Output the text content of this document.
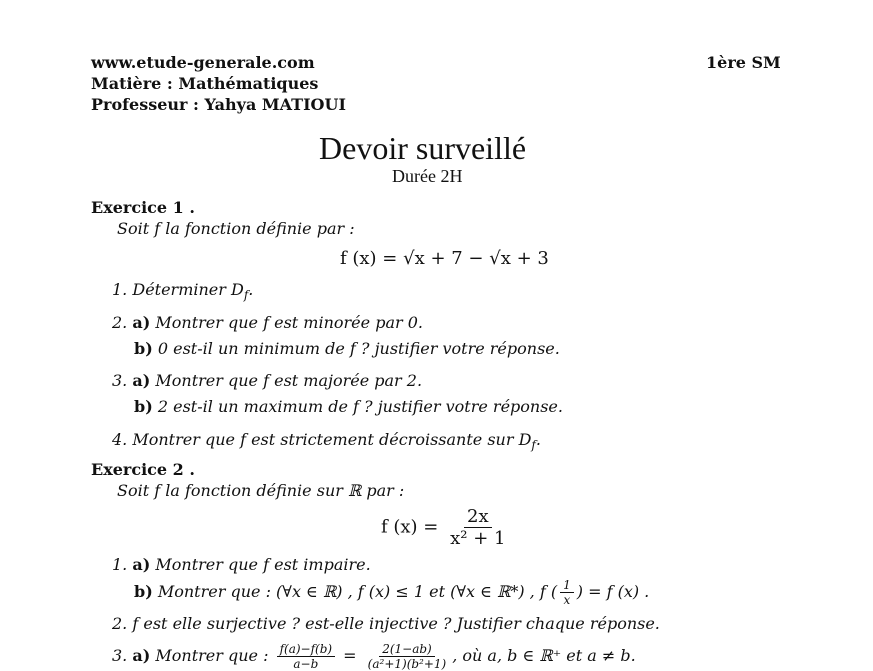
www.etude-generale.com
Matière : Mathématiques
Professeur : Yahya MATIOUI
1ère SM
Devoir surveillé
Durée 2H
Exercice 1 .
Soit f la fonction définie par :
f (x) = √x + 7 − √x + 3
1. Déterminer $D_f$.
2. a) Montrer que f est minorée par 0.
b) 0 est-il un minimum de f ? justifier votre réponse.
3. a) Montrer que f est majorée par 2.
b) 2 est-il un maximum de f ? justifier votre réponse.
4. Montrer que f est strictement décroissante sur $D_f$.
Exercice 2 .
Soit f la fonction définie sur ℝ par :
f $(x) = \frac{2x}{\text{x² + 1}}$
1. a) Montrer que f est impaire.
b) Montrer que : (∀x ∈ ℝ) , f (x) ≤ 1 et (∀x ∈ ℝ*) , f ( $\frac{1}{x}$ ) = f (x) .
2. f est elle surjective ? est-elle injective ? Justifier chaque réponse.
3. a) Montrer que : $\frac{f(a)-f(b)}{a-b} = \frac{2(1-ab)}{\text{(a²+1)(b²+1)}}$ , où a, b ∈ ℝ⁺ et a ≠ b.
